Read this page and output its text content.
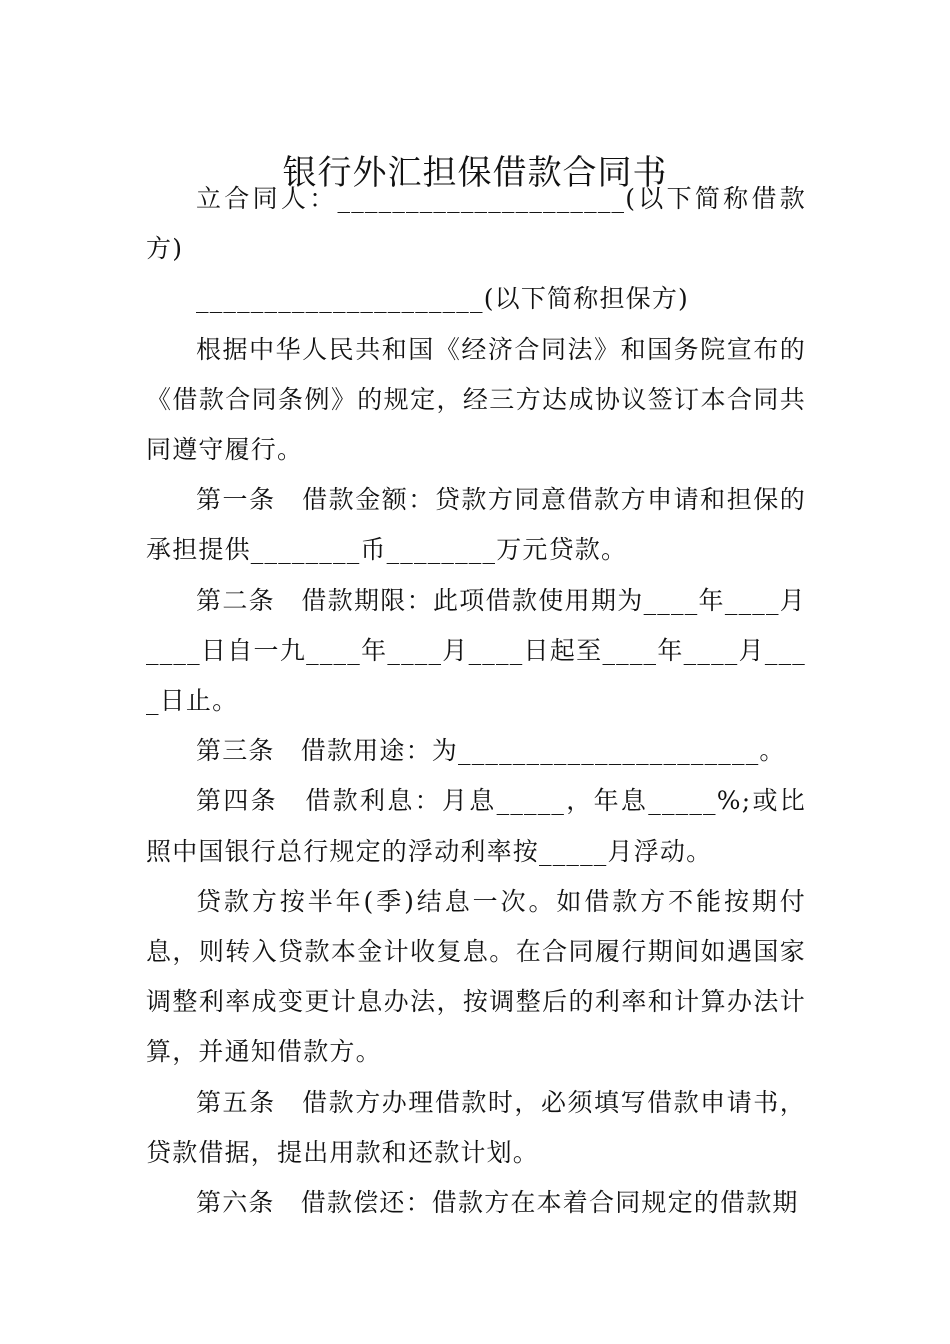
银行外汇担保借款合同书

立合同人：_____________________(以下简称借款方)

_____________________(以下简称担保方)

根据中华人民共和国《经济合同法》和国务院宣布的《借款合同条例》的规定，经三方达成协议签订本合同共同遵守履行。

第一条　借款金额：贷款方同意借款方申请和担保的承担提供________币________万元贷款。

第二条　借款期限：此项借款使用期为____年____月____日自一九____年____月____日起至____年____月____日止。

第三条　借款用途：为______________________。

第四条　借款利息：月息_____，年息_____%;或比照中国银行总行规定的浮动利率按_____月浮动。

贷款方按半年(季)结息一次。如借款方不能按期付息，则转入贷款本金计收复息。在合同履行期间如遇国家调整利率成变更计息办法，按调整后的利率和计算办法计算，并通知借款方。

第五条　借款方办理借款时，必须填写借款申请书，贷款借据，提出用款和还款计划。

第六条　借款偿还：借款方在本着合同规定的借款期
